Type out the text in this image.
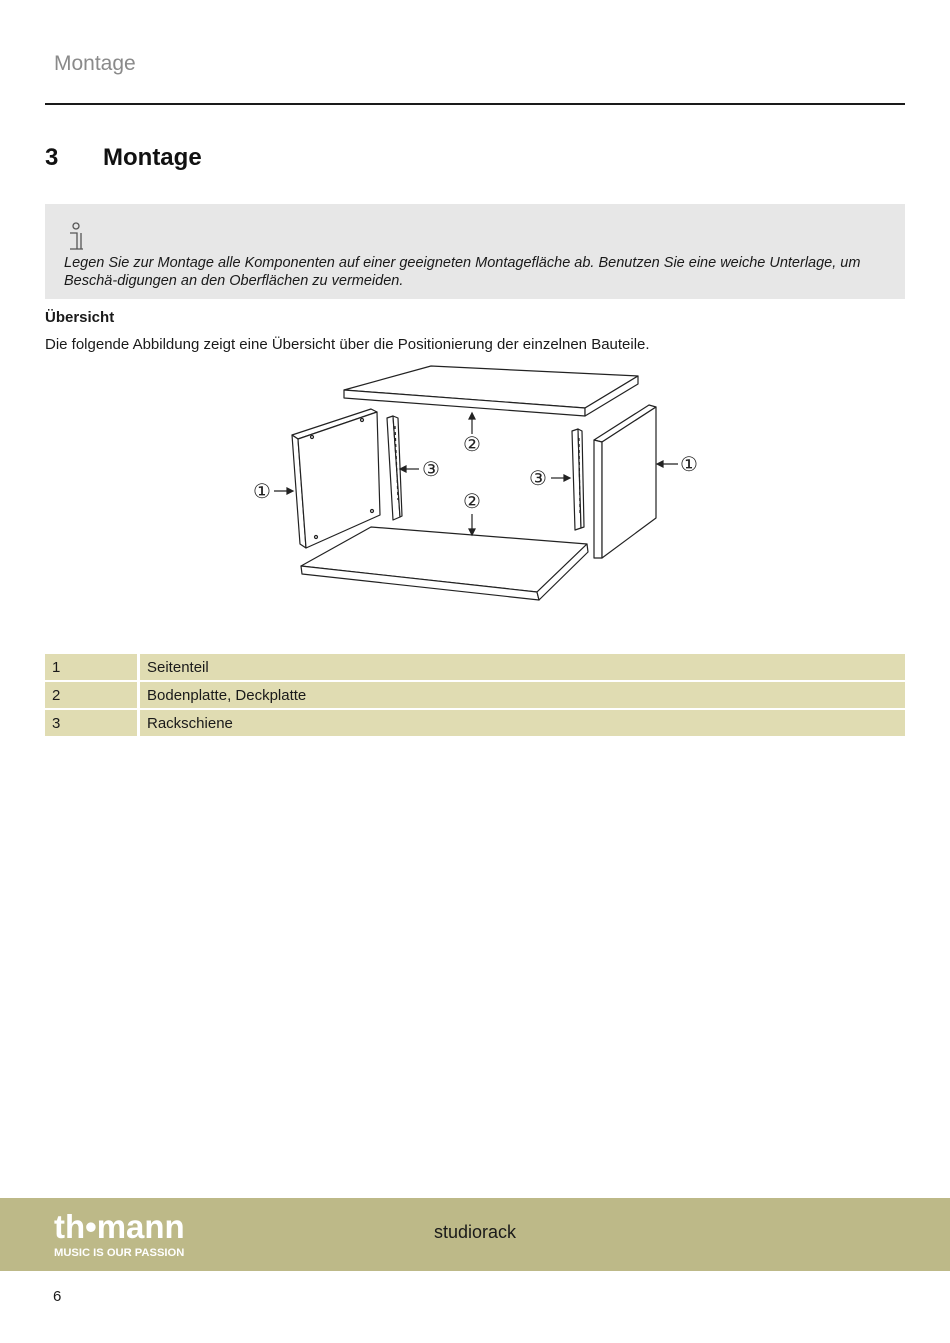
Montage
3 Montage
Legen Sie zur Montage alle Komponenten auf einer geeigneten Montagefläche ab. Benutzen Sie eine weiche Unterlage, um Beschä-digungen an den Oberflächen zu vermeiden.
Übersicht
Die folgende Abbildung zeigt eine Übersicht über die Positionierung der einzelnen Bauteile.
①
③
②
②
③
①
1	Seitenteil
2	Bodenplatte, Deckplatte
3	Rackschiene
th•mann
MUSIC IS OUR PASSION
studiorack
6
